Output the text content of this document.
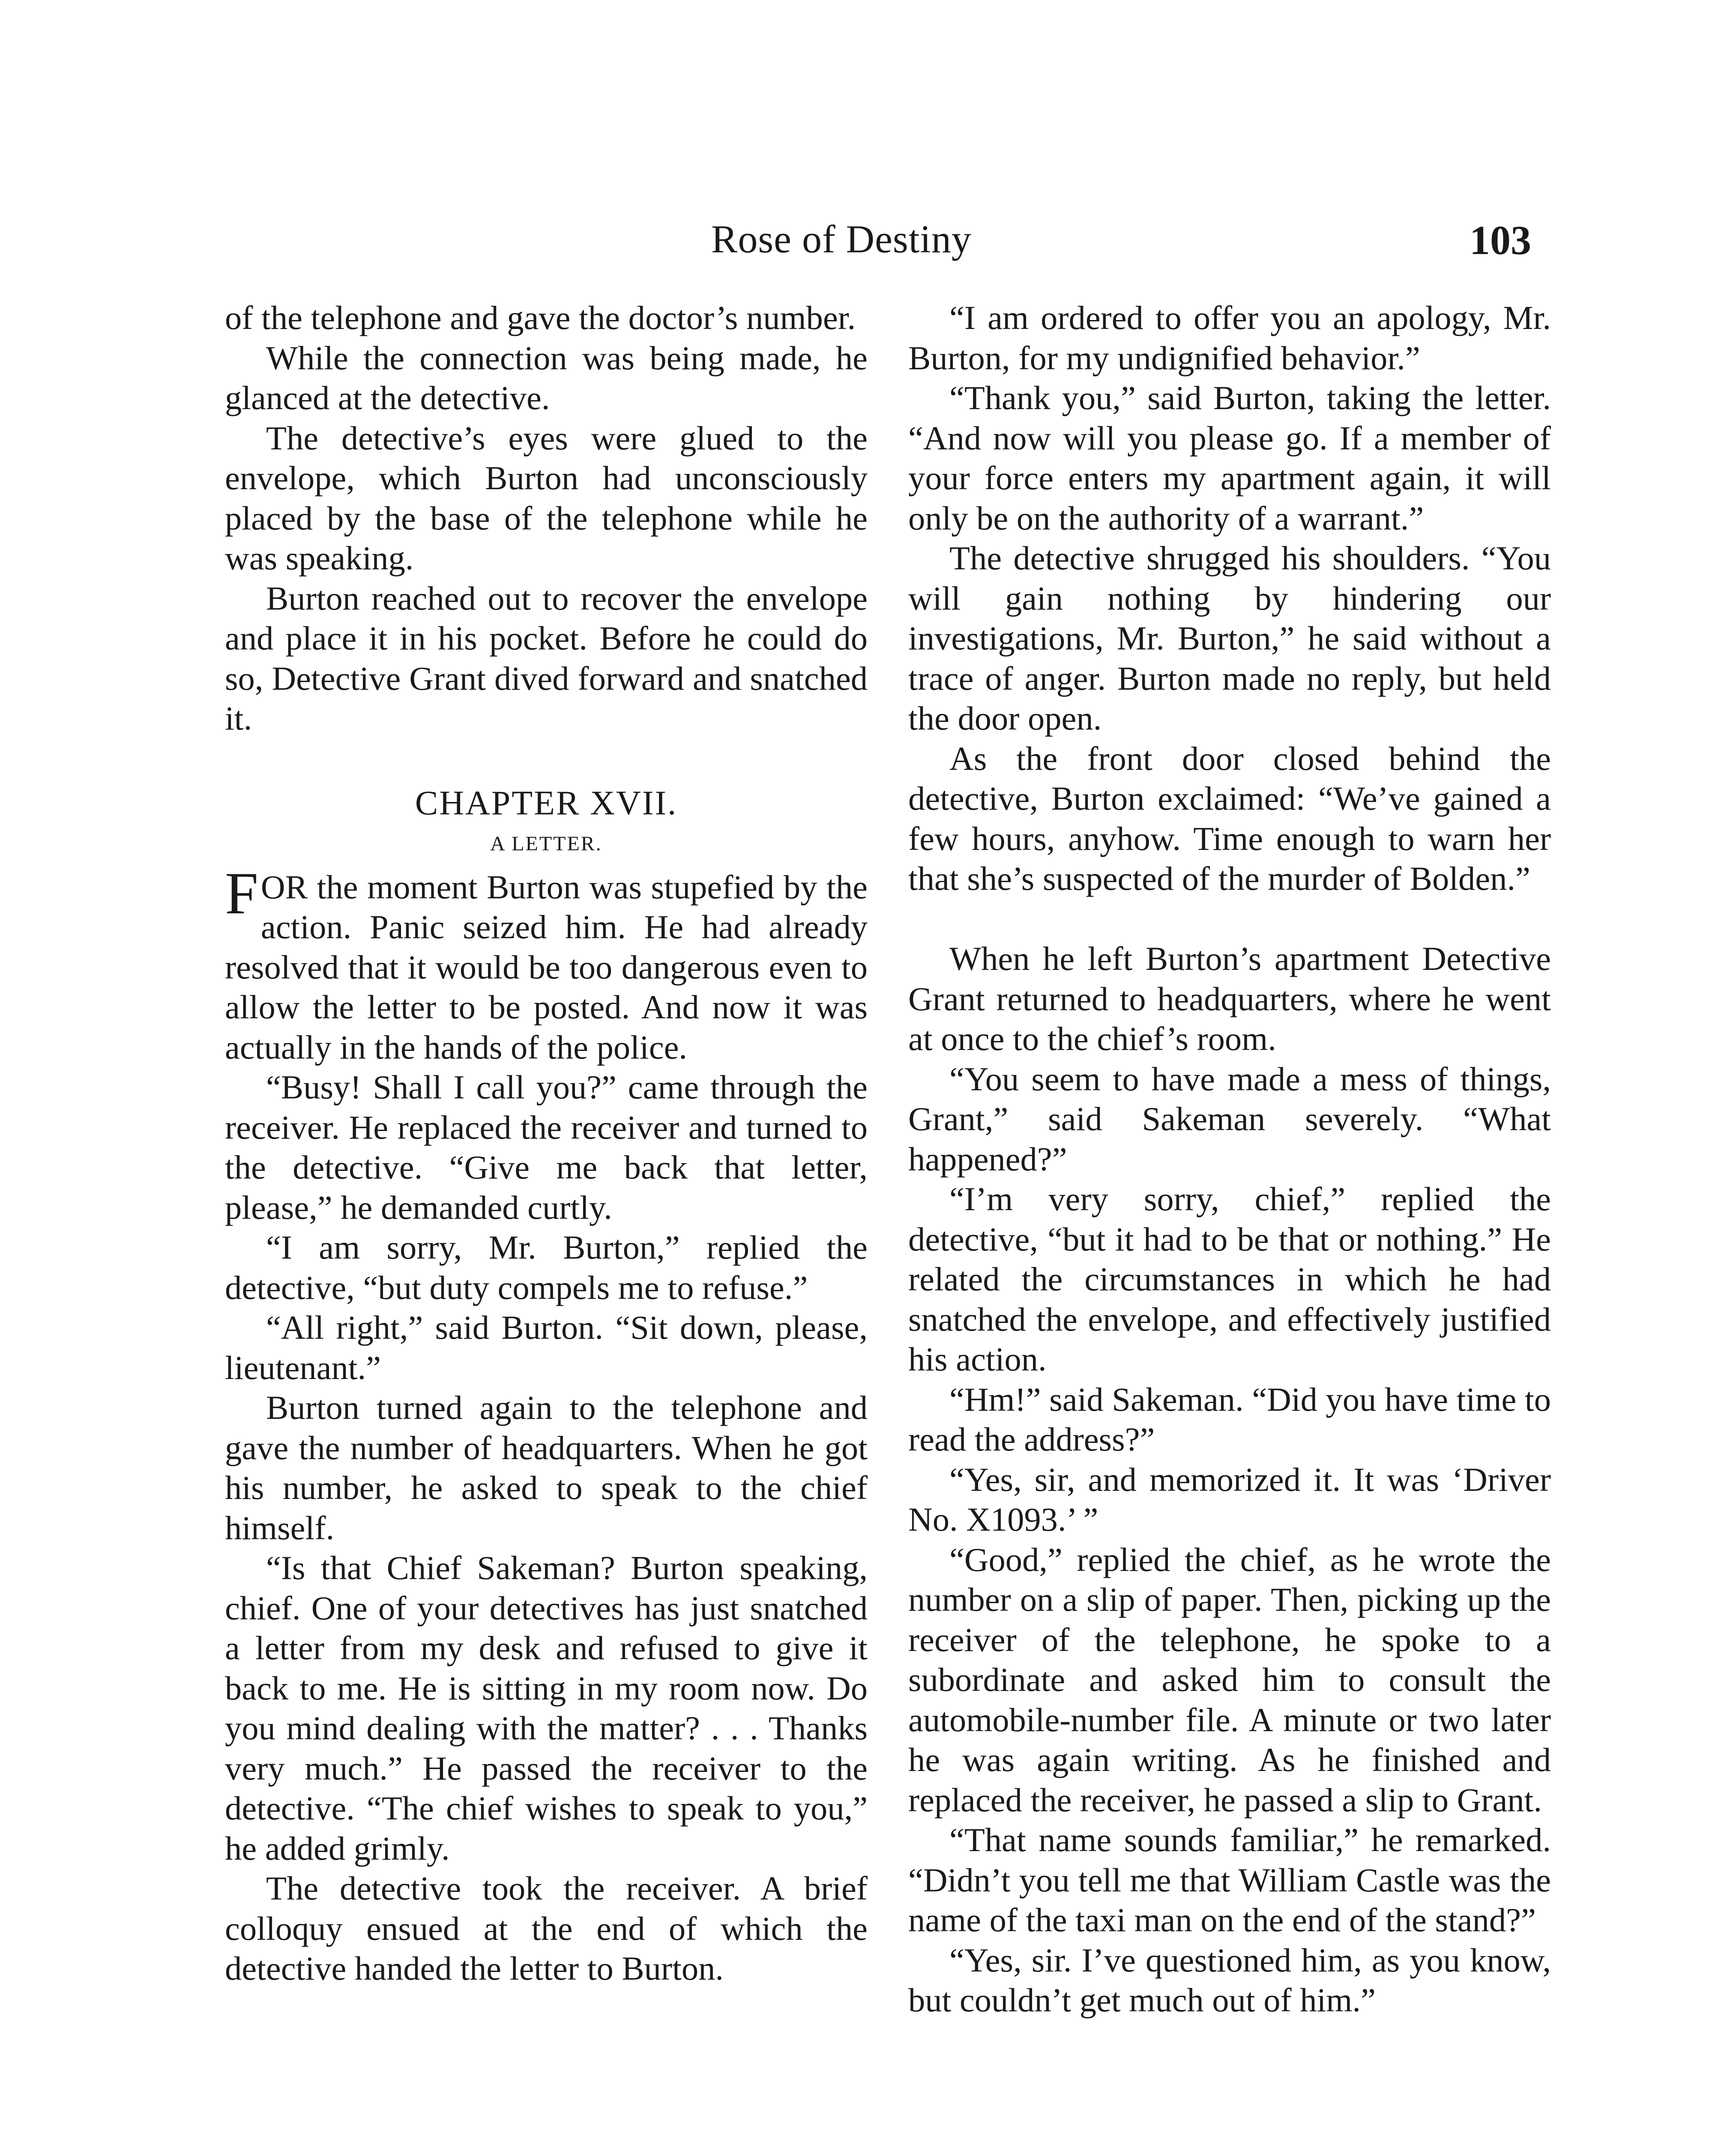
Rose of Destiny	103

of the telephone and gave the doctor’s number.

While the connection was being made, he glanced at the detective.

The detective’s eyes were glued to the envelope, which Burton had unconsciously placed by the base of the telephone while he was speaking.

Burton reached out to recover the envelope and place it in his pocket. Before he could do so, Detective Grant dived forward and snatched it.

CHAPTER XVII.
A LETTER.

FOR the moment Burton was stupefied by the action. Panic seized him. He had already resolved that it would be too dangerous even to allow the letter to be posted. And now it was actually in the hands of the police.

“Busy! Shall I call you?” came through the receiver. He replaced the receiver and turned to the detective. “Give me back that letter, please,” he demanded curtly.

“I am sorry, Mr. Burton,” replied the detective, “but duty compels me to refuse.”

“All right,” said Burton. “Sit down, please, lieutenant.”

Burton turned again to the telephone and gave the number of headquarters. When he got his number, he asked to speak to the chief himself.

“Is that Chief Sakeman? Burton speaking, chief. One of your detectives has just snatched a letter from my desk and refused to give it back to me. He is sitting in my room now. Do you mind dealing with the matter? . . . Thanks very much.” He passed the receiver to the detective. “The chief wishes to speak to you,” he added grimly.

The detective took the receiver. A brief colloquy ensued at the end of which the detective handed the letter to Burton.

“I am ordered to offer you an apology, Mr. Burton, for my undignified behavior.”

“Thank you,” said Burton, taking the letter. “And now will you please go. If a member of your force enters my apartment again, it will only be on the authority of a warrant.”

The detective shrugged his shoulders. “You will gain nothing by hindering our investigations, Mr. Burton,” he said without a trace of anger. Burton made no reply, but held the door open.

As the front door closed behind the detective, Burton exclaimed: “We’ve gained a few hours, anyhow. Time enough to warn her that she’s suspected of the murder of Bolden.”

When he left Burton’s apartment Detective Grant returned to headquarters, where he went at once to the chief’s room.

“You seem to have made a mess of things, Grant,” said Sakeman severely. “What happened?”

“I’m very sorry, chief,” replied the detective, “but it had to be that or nothing.” He related the circumstances in which he had snatched the envelope, and effectively justified his action.

“Hm!” said Sakeman. “Did you have time to read the address?”

“Yes, sir, and memorized it. It was ‘Driver No. X1093.’ ”

“Good,” replied the chief, as he wrote the number on a slip of paper. Then, picking up the receiver of the telephone, he spoke to a subordinate and asked him to consult the automobile-number file. A minute or two later he was again writing. As he finished and replaced the receiver, he passed a slip to Grant.

“That name sounds familiar,” he remarked. “Didn’t you tell me that William Castle was the name of the taxi man on the end of the stand?”

“Yes, sir. I’ve questioned him, as you know, but couldn’t get much out of him.”
